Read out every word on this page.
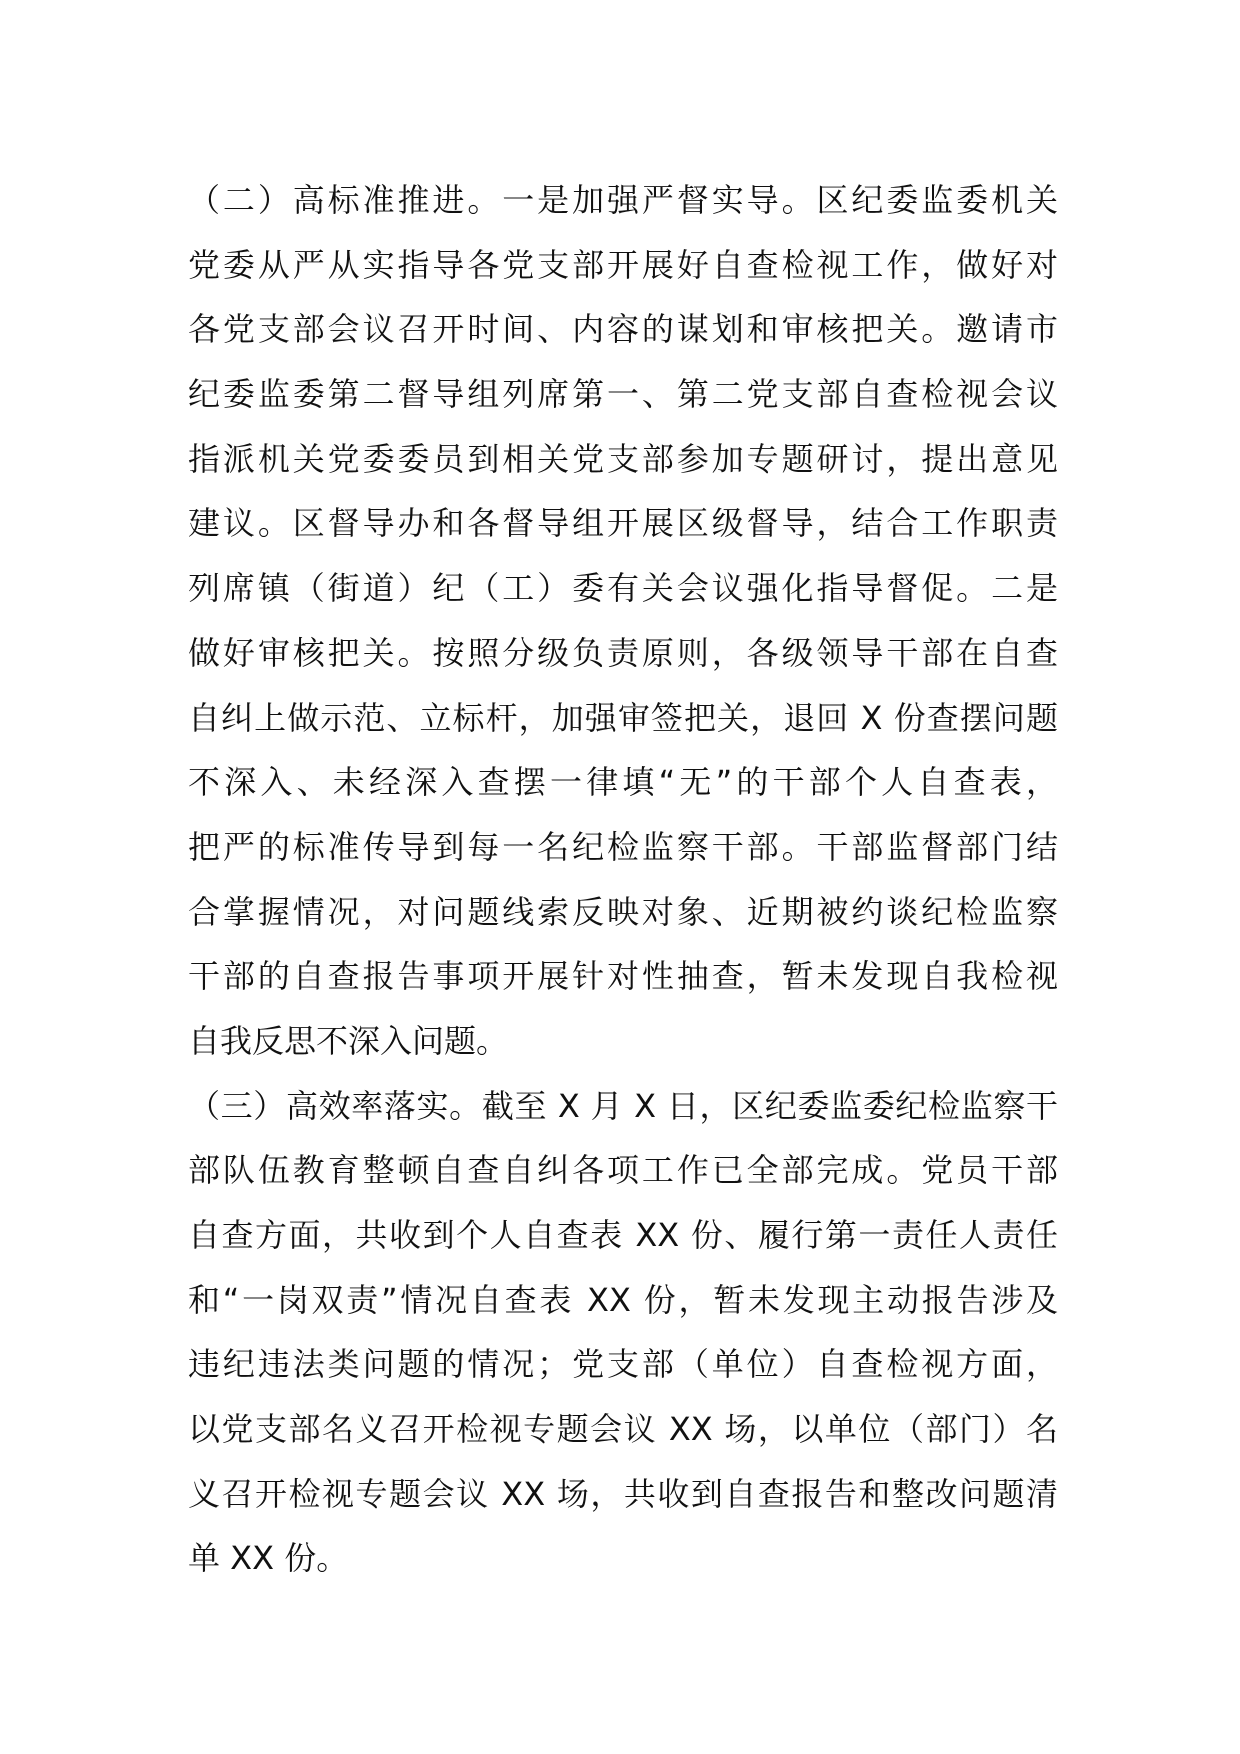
（二）高标准推进。一是加强严督实导。区纪委监委机关
党委从严从实指导各党支部开展好自查检视工作，做好对
各党支部会议召开时间、内容的谋划和审核把关。邀请市
纪委监委第二督导组列席第一、第二党支部自查检视会议
指派机关党委委员到相关党支部参加专题研讨，提出意见
建议。区督导办和各督导组开展区级督导，结合工作职责
列席镇（街道）纪（工）委有关会议强化指导督促。二是
做好审核把关。按照分级负责原则，各级领导干部在自查
自纠上做示范、立标杆，加强审签把关，退回 X 份查摆问题
不深入、未经深入查摆一律填“无”的干部个人自查表，
把严的标准传导到每一名纪检监察干部。干部监督部门结
合掌握情况，对问题线索反映对象、近期被约谈纪检监察
干部的自查报告事项开展针对性抽查，暂未发现自我检视
自我反思不深入问题。
（三）高效率落实。截至 X 月 X 日，区纪委监委纪检监察干
部队伍教育整顿自查自纠各项工作已全部完成。党员干部
自查方面，共收到个人自查表 XX 份、履行第一责任人责任
和“一岗双责”情况自查表 XX 份，暂未发现主动报告涉及
违纪违法类问题的情况；党支部（单位）自查检视方面，
以党支部名义召开检视专题会议 XX 场，以单位（部门）名
义召开检视专题会议 XX 场，共收到自查报告和整改问题清
单 XX 份。
